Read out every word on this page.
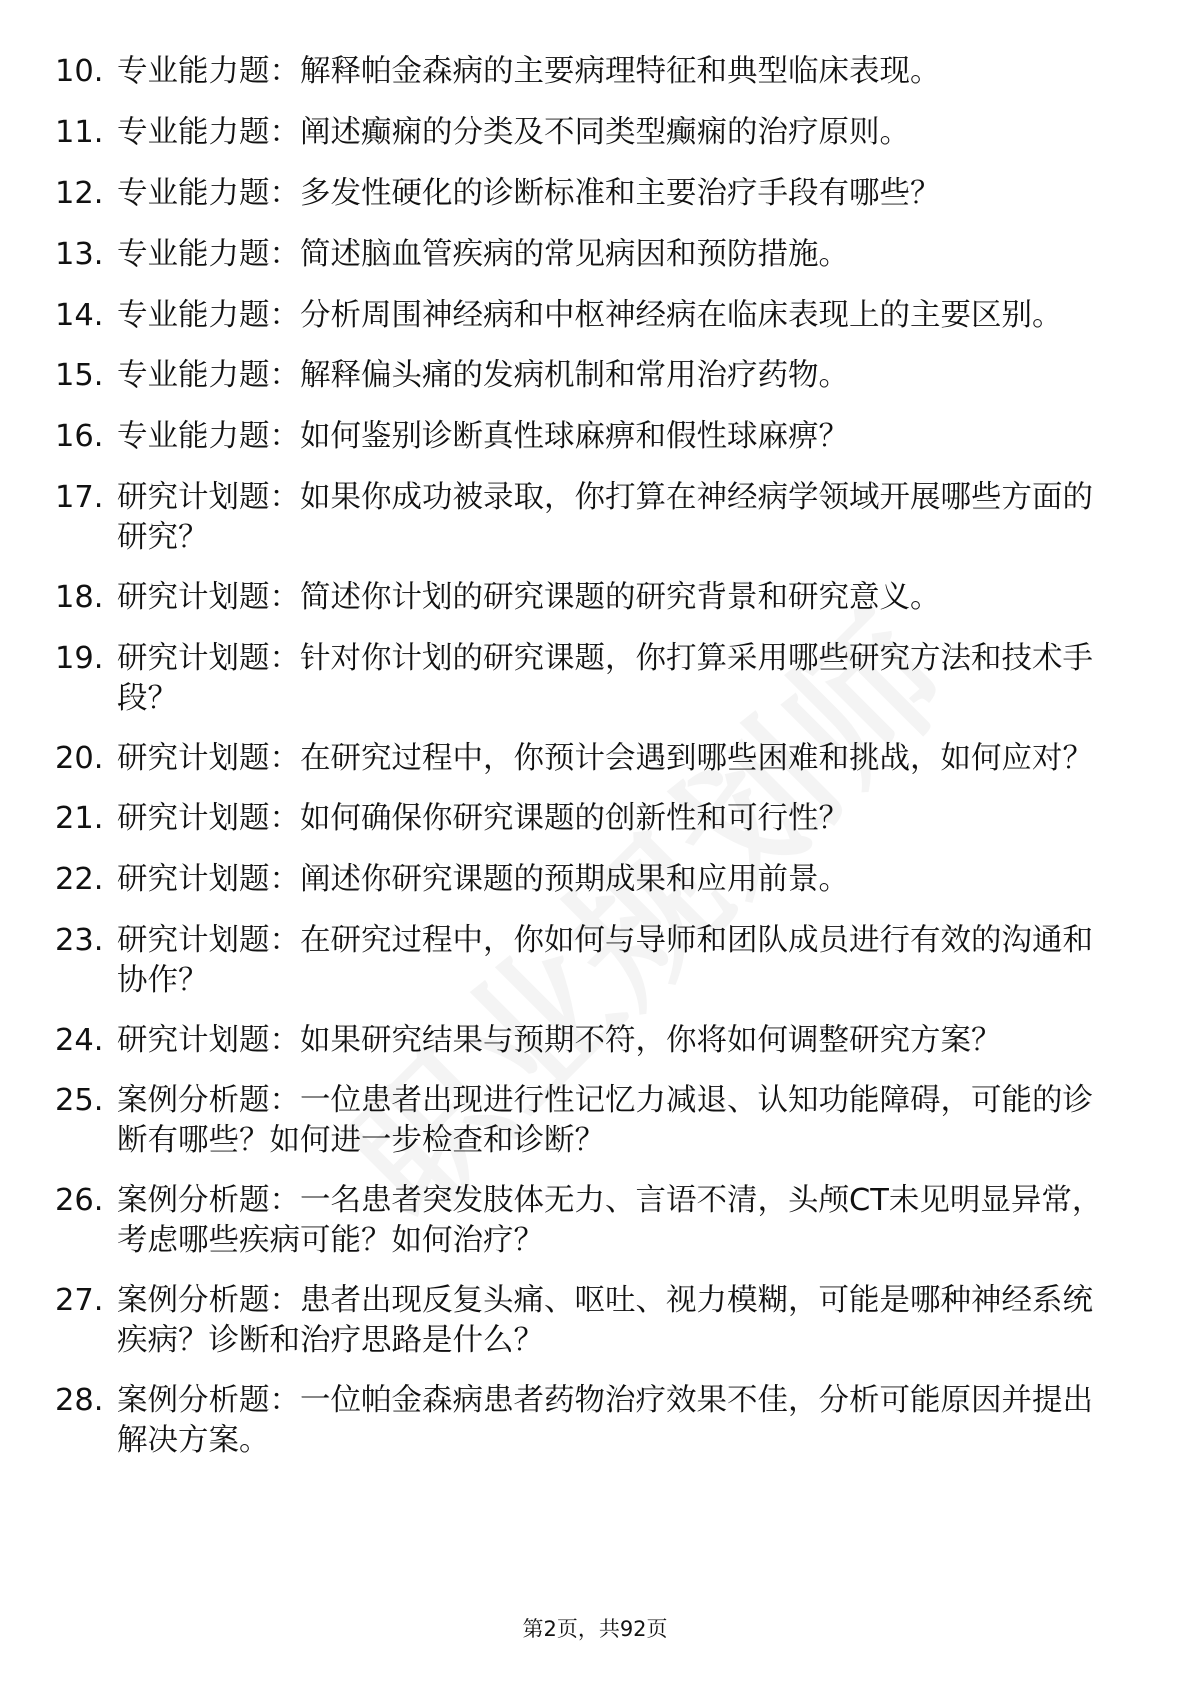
10. 专业能力题：解释帕金森病的主要病理特征和典型临床表现。
11. 专业能力题：阐述癫痫的分类及不同类型癫痫的治疗原则。
12. 专业能力题：多发性硬化的诊断标准和主要治疗手段有哪些？
13. 专业能力题：简述脑血管疾病的常见病因和预防措施。
14. 专业能力题：分析周围神经病和中枢神经病在临床表现上的主要区别。
15. 专业能力题：解释偏头痛的发病机制和常用治疗药物。
16. 专业能力题：如何鉴别诊断真性球麻痹和假性球麻痹？
17. 研究计划题：如果你成功被录取，你打算在神经病学领域开展哪些方面的研究？
18. 研究计划题：简述你计划的研究课题的研究背景和研究意义。
19. 研究计划题：针对你计划的研究课题，你打算采用哪些研究方法和技术手段？
20. 研究计划题：在研究过程中，你预计会遇到哪些困难和挑战，如何应对？
21. 研究计划题：如何确保你研究课题的创新性和可行性？
22. 研究计划题：阐述你研究课题的预期成果和应用前景。
23. 研究计划题：在研究过程中，你如何与导师和团队成员进行有效的沟通和协作？
24. 研究计划题：如果研究结果与预期不符，你将如何调整研究方案？
25. 案例分析题：一位患者出现进行性记忆力减退、认知功能障碍，可能的诊断有哪些？如何进一步检查和诊断？
26. 案例分析题：一名患者突发肢体无力、言语不清，头颅CT未见明显异常，考虑哪些疾病可能？如何治疗？
27. 案例分析题：患者出现反复头痛、呕吐、视力模糊，可能是哪种神经系统疾病？诊断和治疗思路是什么？
28. 案例分析题：一位帕金森病患者药物治疗效果不佳，分析可能原因并提出解决方案。
第2页，共92页
